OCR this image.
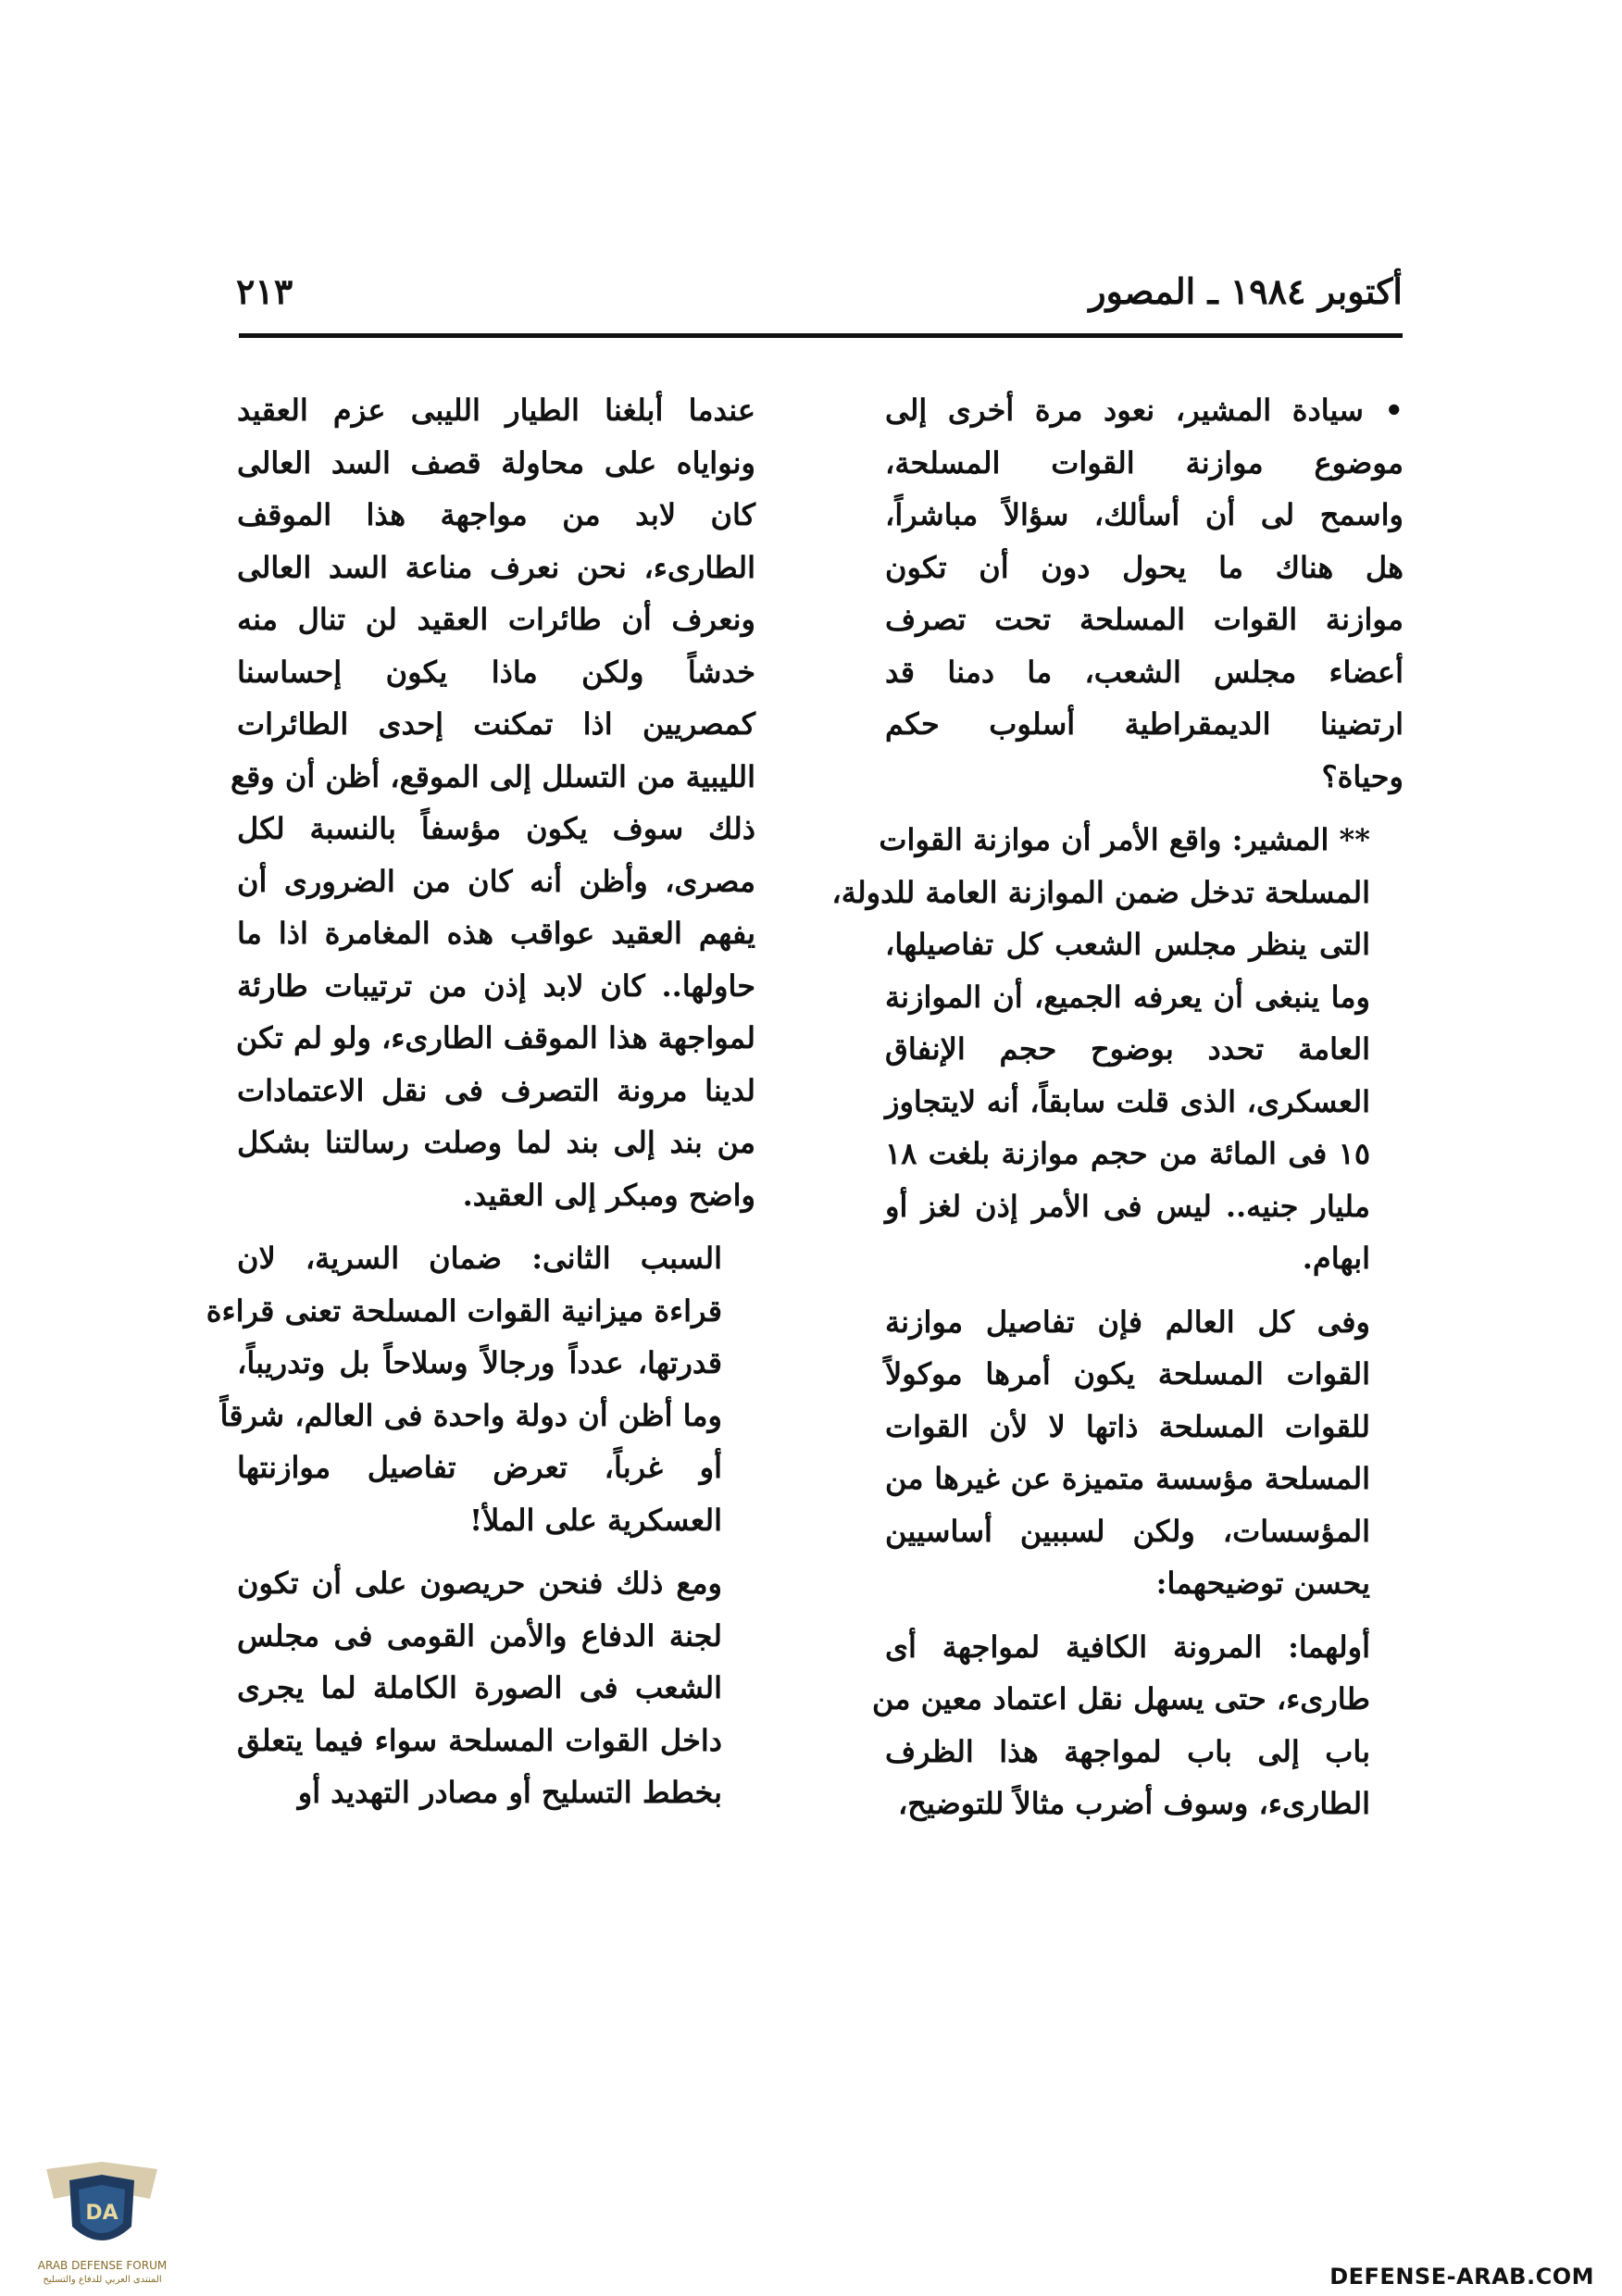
أكتوبر ١٩٨٤ ـ المصور
٢١٣
• سيادة المشير، نعود مرة أخرى إلى
موضوع موازنة القوات المسلحة،
واسمح لى أن أسألك، سؤالاً مباشراً،
هل هناك ما يحول دون أن تكون
موازنة القوات المسلحة تحت تصرف
أعضاء مجلس الشعب، ما دمنا قد
ارتضينا الديمقراطية أسلوب حكم
وحياة؟
** المشير: واقع الأمر أن موازنة القوات
المسلحة تدخل ضمن الموازنة العامة للدولة،
التى ينظر مجلس الشعب كل تفاصيلها،
وما ينبغى أن يعرفه الجميع، أن الموازنة
العامة تحدد بوضوح حجم الإنفاق
العسكرى، الذى قلت سابقاً، أنه لايتجاوز
١٥ فى المائة من حجم موازنة بلغت ١٨
مليار جنيه.. ليس فى الأمر إذن لغز أو
ابهام.
وفى كل العالم فإن تفاصيل موازنة
القوات المسلحة يكون أمرها موكولاً
للقوات المسلحة ذاتها لا لأن القوات
المسلحة مؤسسة متميزة عن غيرها من
المؤسسات، ولكن لسببين أساسيين
يحسن توضيحهما:
أولهما: المرونة الكافية لمواجهة أى
طارىء، حتى يسهل نقل اعتماد معين من
باب إلى باب لمواجهة هذا الظرف
الطارىء، وسوف أضرب مثالاً للتوضيح،
عندما أبلغنا الطيار الليبى عزم العقيد
ونواياه على محاولة قصف السد العالى
كان لابد من مواجهة هذا الموقف
الطارىء، نحن نعرف مناعة السد العالى
ونعرف أن طائرات العقيد لن تنال منه
خدشاً ولكن ماذا يكون إحساسنا
كمصريين اذا تمكنت إحدى الطائرات
الليبية من التسلل إلى الموقع، أظن أن وقع
ذلك سوف يكون مؤسفاً بالنسبة لكل
مصرى، وأظن أنه كان من الضرورى أن
يفهم العقيد عواقب هذه المغامرة اذا ما
حاولها.. كان لابد إذن من ترتيبات طارئة
لمواجهة هذا الموقف الطارىء، ولو لم تكن
لدينا مرونة التصرف فى نقل الاعتمادات
من بند إلى بند لما وصلت رسالتنا بشكل
واضح ومبكر إلى العقيد.
السبب الثانى: ضمان السرية، لان
قراءة ميزانية القوات المسلحة تعنى قراءة
قدرتها، عدداً ورجالاً وسلاحاً بل وتدريباً،
وما أظن أن دولة واحدة فى العالم، شرقاً
أو غرباً، تعرض تفاصيل موازنتها
العسكرية على الملأ!
ومع ذلك فنحن حريصون على أن تكون
لجنة الدفاع والأمن القومى فى مجلس
الشعب فى الصورة الكاملة لما يجرى
داخل القوات المسلحة سواء فيما يتعلق
بخطط التسليح أو مصادر التهديد أو
DA
ARAB DEFENSE FORUM
المنتدى العربي للدفاع والتسليح	DEFENSE-ARAB.COM
